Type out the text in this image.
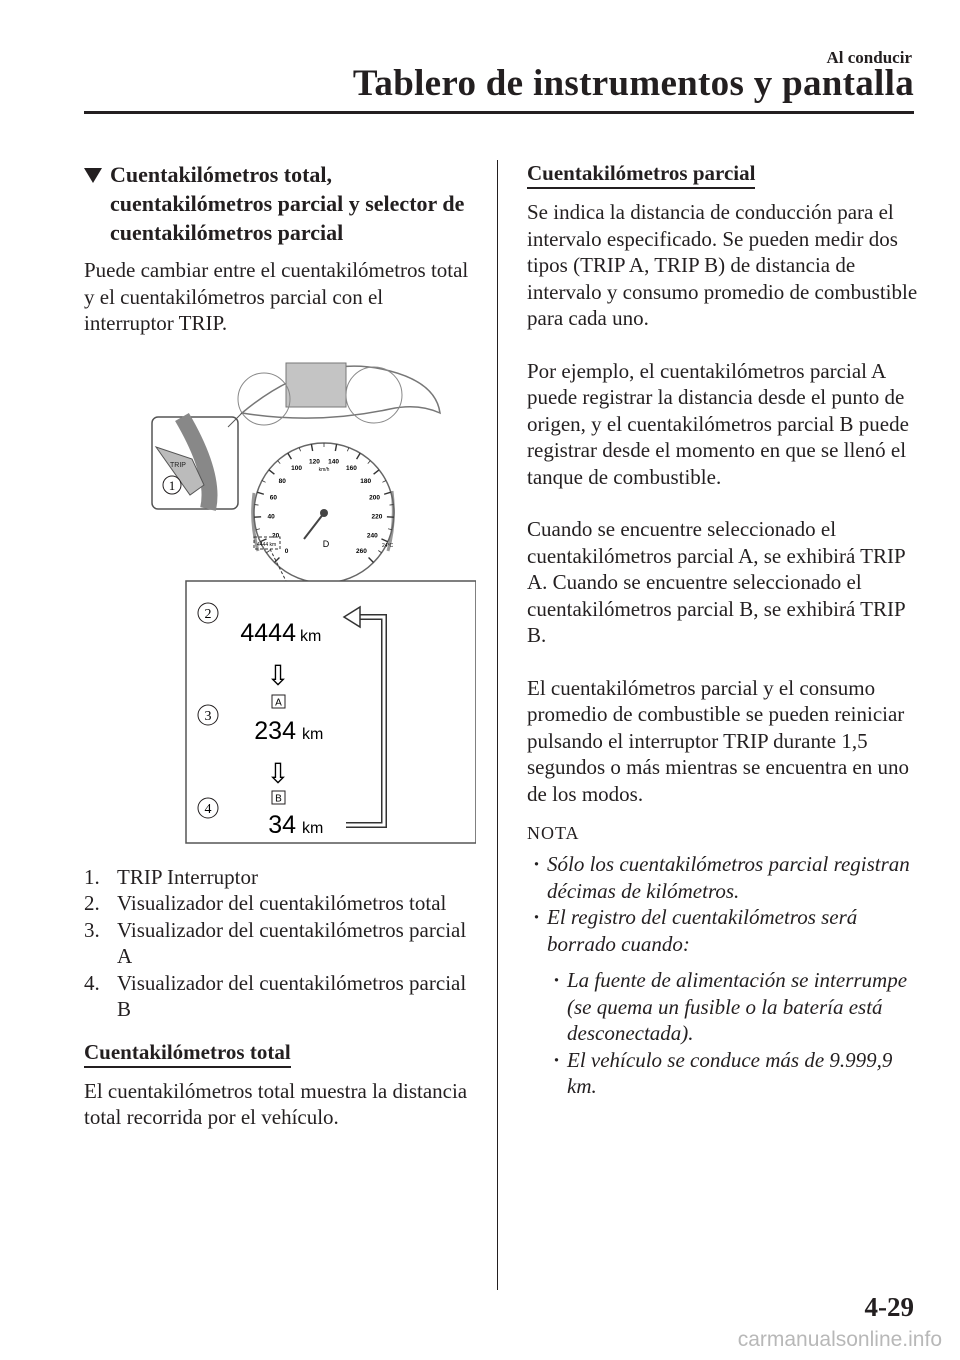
Al conducir
Tablero de instrumentos y pantalla
Cuentakilómetros total, cuentakilómetros parcial y selector de cuentakilómetros parcial

Puede cambiar entre el cuentakilómetros total y el cuentakilómetros parcial con el interruptor TRIP.

TRIP
1
0
20
40
60
80
100
120 140
160
180
200
220
240
260
km/h
D
4444 km	24°C
2
4444 km
⇩
A
3
234 km
⇩
B
4
34 km
1. TRIP Interruptor
2. Visualizador del cuentakilómetros total
3. Visualizador del cuentakilómetros parcial A
4. Visualizador del cuentakilómetros parcial B
Cuentakilómetros total

El cuentakilómetros total muestra la distancia total recorrida por el vehículo.

Cuentakilómetros parcial

Se indica la distancia de conducción para el intervalo especificado. Se pueden medir dos tipos (TRIP A, TRIP B) de distancia de intervalo y consumo promedio de combustible para cada uno.

Por ejemplo, el cuentakilómetros parcial A puede registrar la distancia desde el punto de origen, y el cuentakilómetros parcial B puede registrar desde el momento en que se llenó el tanque de combustible.

Cuando se encuentre seleccionado el cuentakilómetros parcial A, se exhibirá TRIP A. Cuando se encuentre seleccionado el cuentakilómetros parcial B, se exhibirá TRIP B.

El cuentakilómetros parcial y el consumo promedio de combustible se pueden reiniciar pulsando el interruptor TRIP durante 1,5 segundos o más mientras se encuentra en uno de los modos.

NOTA
· Sólo los cuentakilómetros parcial registran décimas de kilómetros.
· El registro del cuentakilómetros será borrado cuando:
· La fuente de alimentación se interrumpe (se quema un fusible o la batería está desconectada).
· El vehículo se conduce más de 9.999,9 km.
4-29
carmanualsonline.info
